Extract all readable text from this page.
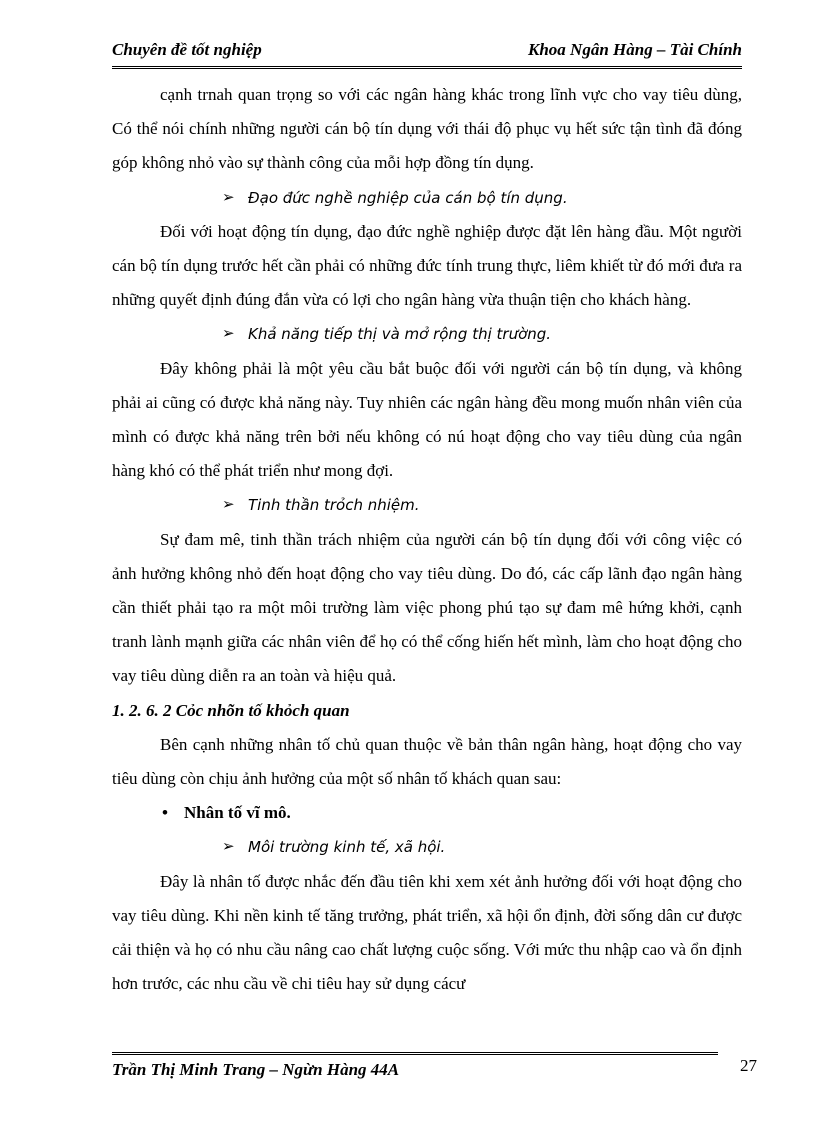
Chuyên đề tốt nghiệp	Khoa Ngân Hàng – Tài Chính

cạnh trnah quan trọng so với các ngân hàng khác trong lĩnh vực cho vay tiêu dùng, Có thể nói chính những người cán bộ tín dụng với thái độ phục vụ hết sức tận tình đã đóng góp không nhỏ vào sự thành công của mỗi hợp đồng tín dụng.

➢ Đạo đức nghề nghiệp của cán bộ tín dụng.

Đối với hoạt động tín dụng, đạo đức nghề nghiệp được đặt lên hàng đầu. Một người cán bộ tín dụng trước hết cần phải có những đức tính trung thực, liêm khiết từ đó mới đưa ra những quyết định đúng đắn vừa có lợi cho ngân hàng vừa thuận tiện cho khách hàng.

➢ Khả năng tiếp thị và mở rộng thị trường.

Đây không phải là một yêu cầu bắt buộc đối với người cán bộ tín dụng, và không phải ai cũng có được khả năng này. Tuy nhiên các ngân hàng đều mong muốn nhân viên của mình có được khả năng trên bởi nếu không có nú hoạt động cho vay tiêu dùng của ngân hàng khó có thể phát triển như mong đợi.

➢ Tinh thần trỏch nhiệm.

Sự đam mê, tinh thần trách nhiệm của người cán bộ tín dụng đối với công việc có ảnh hưởng không nhỏ đến hoạt động cho vay tiêu dùng. Do đó, các cấp lãnh đạo ngân hàng cần thiết phải tạo ra một môi trường làm việc phong phú tạo sự đam mê hứng khởi, cạnh tranh lành mạnh giữa các nhân viên để họ có thể cống hiến hết mình, làm cho hoạt động cho vay tiêu dùng diễn ra an toàn và hiệu quả.

1. 2. 6. 2 Cỏc nhõn tố khỏch quan

Bên cạnh những nhân tố chủ quan thuộc về bản thân ngân hàng, hoạt động cho vay tiêu dùng còn chịu ảnh hưởng của một số nhân tố khách quan sau:

• Nhân tố vĩ mô.

➢ Môi trường kinh tế, xã hội.

Đây là nhân tố được nhắc đến đầu tiên khi xem xét ảnh hưởng đối với hoạt động cho vay tiêu dùng. Khi nền kinh tế tăng trưởng, phát triển, xã hội ổn định, đời sống dân cư được cải thiện và họ có nhu cầu nâng cao chất lượng cuộc sống. Với mức thu nhập cao và ổn định hơn trước, các nhu cầu về chi tiêu hay sử dụng cácư

Trần Thị Minh Trang – Ngừn Hàng 44A	27
